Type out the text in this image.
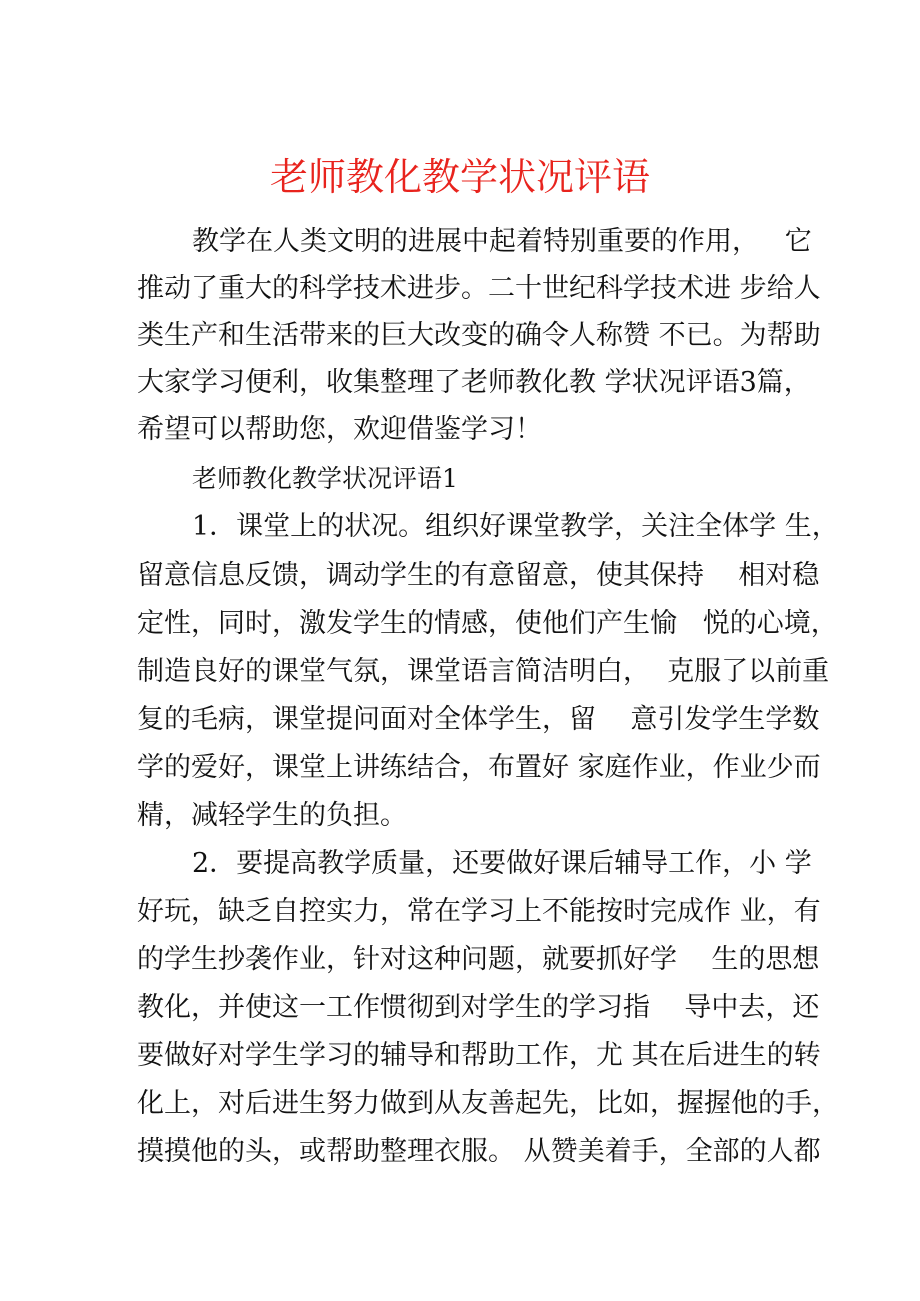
老师教化教学状况评语

教学在人类文明的进展中起着特别重要的作用，   它

推动了重大的科学技术进步。二十世纪科学技术进 步给人

类生产和生活带来的巨大改变的确令人称赞 不已。为帮助

大家学习便利，收集整理了老师教化教 学状况评语3篇，

希望可以帮助您，欢迎借鉴学习！

老师教化教学状况评语1

1．课堂上的状况。组织好课堂教学，关注全体学 生，

留意信息反馈，调动学生的有意留意，使其保持    相对稳

定性，同时，激发学生的情感，使他们产生愉   悦的心境，

制造良好的课堂气氛，课堂语言简洁明白，  克服了以前重

复的毛病，课堂提问面对全体学生，留    意引发学生学数

学的爱好，课堂上讲练结合，布置好 家庭作业，作业少而

精，减轻学生的负担。

2．要提高教学质量，还要做好课后辅导工作，小 学

好玩，缺乏自控实力，常在学习上不能按时完成作 业，有

的学生抄袭作业，针对这种问题，就要抓好学    生的思想

教化，并使这一工作惯彻到对学生的学习指    导中去，还

要做好对学生学习的辅导和帮助工作，尤 其在后进生的转

化上，对后进生努力做到从友善起先，比如，握握他的手，

摸摸他的头，或帮助整理衣服。 从赞美着手，全部的人都
